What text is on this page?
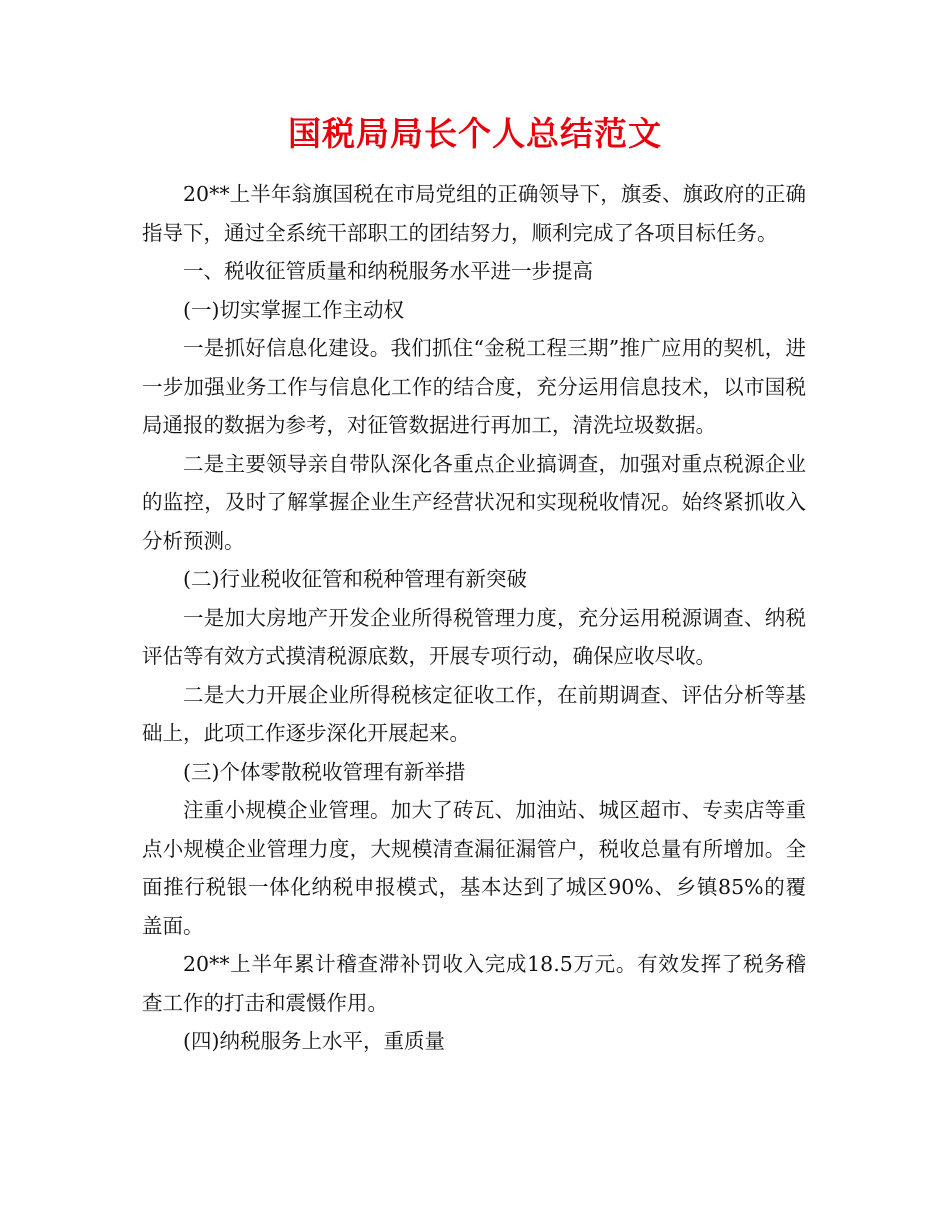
国税局局长个人总结范文

20**上半年翁旗国税在市局党组的正确领导下，旗委、旗政府的正确指导下，通过全系统干部职工的团结努力，顺利完成了各项目标任务。

一、税收征管质量和纳税服务水平进一步提高

(一)切实掌握工作主动权

一是抓好信息化建设。我们抓住“金税工程三期”推广应用的契机，进一步加强业务工作与信息化工作的结合度，充分运用信息技术，以市国税局通报的数据为参考，对征管数据进行再加工，清洗垃圾数据。

二是主要领导亲自带队深化各重点企业搞调查，加强对重点税源企业的监控，及时了解掌握企业生产经营状况和实现税收情况。始终紧抓收入分析预测。

(二)行业税收征管和税种管理有新突破

一是加大房地产开发企业所得税管理力度，充分运用税源调查、纳税评估等有效方式摸清税源底数，开展专项行动，确保应收尽收。

二是大力开展企业所得税核定征收工作，在前期调查、评估分析等基础上，此项工作逐步深化开展起来。

(三)个体零散税收管理有新举措

注重小规模企业管理。加大了砖瓦、加油站、城区超市、专卖店等重点小规模企业管理力度，大规模清查漏征漏管户，税收总量有所增加。全面推行税银一体化纳税申报模式，基本达到了城区90%、乡镇85%的覆盖面。

20**上半年累计稽查滞补罚收入完成18.5万元。有效发挥了税务稽查工作的打击和震慑作用。

(四)纳税服务上水平，重质量
